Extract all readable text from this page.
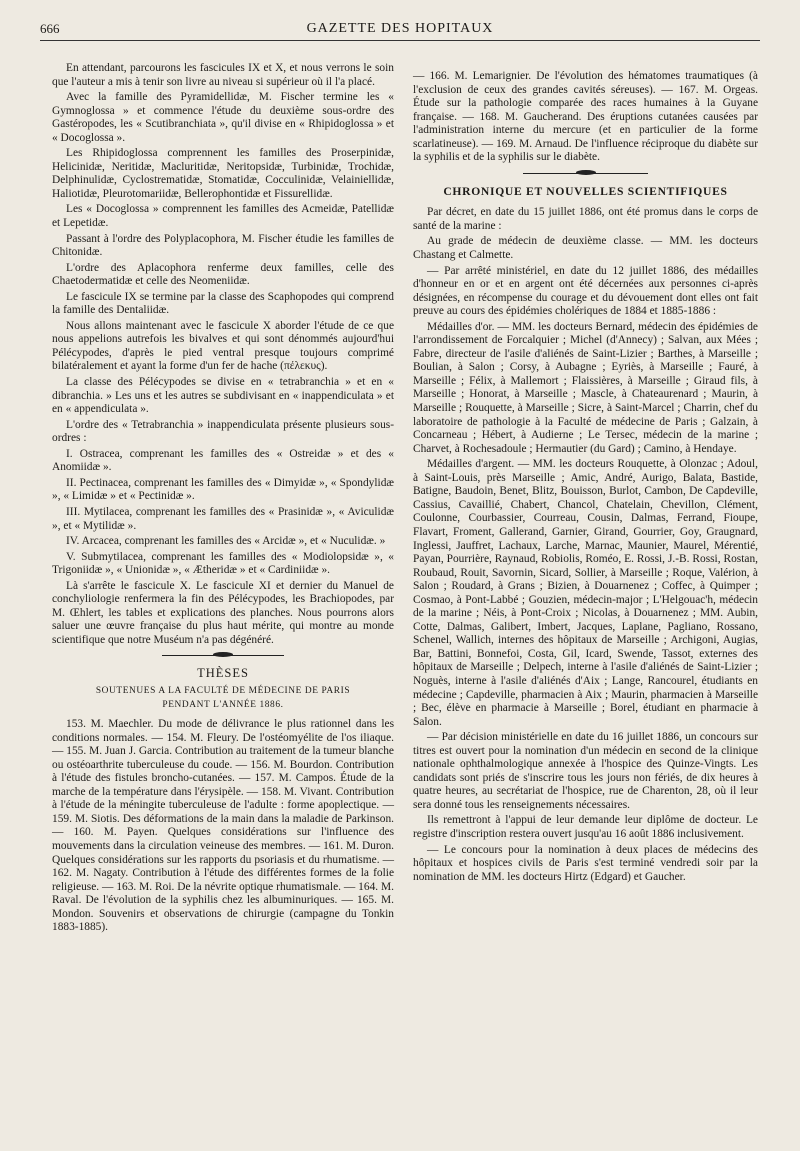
666	GAZETTE DES HOPITAUX

En attendant, parcourons les fascicules IX et X, et nous verrons le soin que l'auteur a mis à tenir son livre au niveau si supérieur où il l'a placé.

Avec la famille des Pyramidellidæ, M. Fischer termine les « Gymnoglossa » et commence l'étude du deuxième sous-ordre des Gastéropodes, les « Scutibranchiata », qu'il divise en « Rhipidoglossa » et « Docoglossa ».

Les Rhipidoglossa comprennent les familles des Proserpinidæ, Helicinidæ, Neritidæ, Macluritidæ, Neritopsidæ, Turbinidæ, Trochidæ, Delphinulidæ, Cyclostrematidæ, Stomatidæ, Cocculinidæ, Velainiellidæ, Haliotidæ, Pleurotomariidæ, Bellerophontidæ et Fissurellidæ.

Les « Docoglossa » comprennent les familles des Acmeidæ, Patellidæ et Lepetidæ.

Passant à l'ordre des Polyplacophora, M. Fischer étudie les familles de Chitonidæ.

L'ordre des Aplacophora renferme deux familles, celle des Chaetodermatidæ et celle des Neomeniidæ.

Le fascicule IX se termine par la classe des Scaphopodes qui comprend la famille des Dentaliidæ.

Nous allons maintenant avec le fascicule X aborder l'étude de ce que nous appelions autrefois les bivalves et qui sont dénommés aujourd'hui Pélécypodes, d'après le pied ventral presque toujours comprimé bilatéralement et ayant la forme d'un fer de hache (πέλεκυς).

La classe des Pélécypodes se divise en « tetrabranchia » et en « dibranchia. » Les uns et les autres se subdivisant en « inappendiculata » et en « appendiculata ».

L'ordre des « Tetrabranchia » inappendiculata présente plusieurs sous-ordres :

I. Ostracea, comprenant les familles des « Ostreidæ » et des « Anomiidæ ».

II. Pectinacea, comprenant les familles des « Dimyidæ », « Spondylidæ », « Limidæ » et « Pectinidæ ».

III. Mytilacea, comprenant les familles des « Prasinidæ », « Aviculidæ », et « Mytilidæ ».

IV. Arcacea, comprenant les familles des « Arcidæ », et « Nuculidæ. »

V. Submytilacea, comprenant les familles des « Modiolopsidæ », « Trigoniidæ », « Unionidæ », « Ætheridæ » et « Cardiniidæ ».

Là s'arrête le fascicule X. Le fascicule XI et dernier du Manuel de conchyliologie renfermera la fin des Pélécypodes, les Brachiopodes, par M. Œhlert, les tables et explications des planches. Nous pourrons alors saluer une œuvre française du plus haut mérite, qui montre au monde scientifique que notre Muséum n'a pas dégénéré.

THÈSES
SOUTENUES A LA FACULTÉ DE MÉDECINE DE PARIS
PENDANT L'ANNÉE 1886.

153. M. Maechler. Du mode de délivrance le plus rationnel dans les conditions normales. — 154. M. Fleury. De l'ostéomyélite de l'os iliaque. — 155. M. Juan J. Garcia. Contribution au traitement de la tumeur blanche ou ostéoarthrite tuberculeuse du coude. — 156. M. Bourdon. Contribution à l'étude des fistules broncho-cutanées. — 157. M. Campos. Étude de la marche de la température dans l'érysipèle. — 158. M. Vivant. Contribution à l'étude de la méningite tuberculeuse de l'adulte : forme apoplectique. — 159. M. Siotis. Des déformations de la main dans la maladie de Parkinson. — 160. M. Payen. Quelques considérations sur l'influence des mouvements dans la circulation veineuse des membres. — 161. M. Duron. Quelques considérations sur les rapports du psoriasis et du rhumatisme. — 162. M. Nagaty. Contribution à l'étude des différentes formes de la folie religieuse. — 163. M. Roi. De la névrite optique rhumatismale. — 164. M. Raval. De l'évolution de la syphilis chez les albuminuriques. — 165. M. Mondon. Souvenirs et observations de chirurgie (campagne du Tonkin 1883-1885).

— 166. M. Lemarignier. De l'évolution des hématomes traumatiques (à l'exclusion de ceux des grandes cavités séreuses). — 167. M. Orgeas. Étude sur la pathologie comparée des races humaines à la Guyane française. — 168. M. Gaucherand. Des éruptions cutanées causées par l'administration interne du mercure (et en particulier de la forme scarlatineuse). — 169. M. Arnaud. De l'influence réciproque du diabète sur la syphilis et de la syphilis sur le diabète.

CHRONIQUE ET NOUVELLES SCIENTIFIQUES

Par décret, en date du 15 juillet 1886, ont été promus dans le corps de santé de la marine :

Au grade de médecin de deuxième classe. — MM. les docteurs Chastang et Calmette.

— Par arrêté ministériel, en date du 12 juillet 1886, des médailles d'honneur en or et en argent ont été décernées aux personnes ci-après désignées, en récompense du courage et du dévouement dont elles ont fait preuve au cours des épidémies cholériques de 1884 et 1885-1886 :

Médailles d'or. — MM. les docteurs Bernard, médecin des épidémies de l'arrondissement de Forcalquier ; Michel (d'Annecy) ; Salvan, aux Mées ; Fabre, directeur de l'asile d'aliénés de Saint-Lizier ; Barthes, à Marseille ; Boulian, à Salon ; Corsy, à Aubagne ; Eyriès, à Marseille ; Fauré, à Marseille ; Félix, à Mallemort ; Flaissières, à Marseille ; Giraud fils, à Marseille ; Honorat, à Marseille ; Mascle, à Chateaurenard ; Maurin, à Marseille ; Rouquette, à Marseille ; Sicre, à Saint-Marcel ; Charrin, chef du laboratoire de pathologie à la Faculté de médecine de Paris ; Galzain, à Concarneau ; Hébert, à Audierne ; Le Tersec, médecin de la marine ; Charvet, à Rochesadoule ; Hermautier (du Gard) ; Camino, à Hendaye.

Médailles d'argent. — MM. les docteurs Rouquette, à Olonzac ; Adoul, à Saint-Louis, près Marseille ; Amic, André, Aurigo, Balata, Bastide, Batigne, Baudoin, Benet, Blitz, Bouisson, Burlot, Cambon, De Capdeville, Cassius, Cavaillié, Chabert, Chancol, Chatelain, Chevillon, Clément, Coulonne, Courbassier, Courreau, Cousin, Dalmas, Ferrand, Fioupe, Flavart, Froment, Gallerand, Garnier, Girand, Gourrier, Goy, Graugnard, Inglessi, Jauffret, Lachaux, Larche, Marnac, Maunier, Maurel, Mérentié, Payan, Pourrière, Raynaud, Robiolis, Roméo, E. Rossi, J.-B. Rossi, Rostan, Roubaud, Rouit, Savornin, Sicard, Sollier, à Marseille ; Roque, Valérion, à Salon ; Roudard, à Grans ; Bizien, à Douarnenez ; Coffec, à Quimper ; Cosmao, à Pont-Labbé ; Gouzien, médecin-major ; L'Helgouac'h, médecin de la marine ; Néis, à Pont-Croix ; Nicolas, à Douarnenez ; MM. Aubin, Cotte, Dalmas, Galibert, Imbert, Jacques, Laplane, Pagliano, Rossano, Schenel, Wallich, internes des hôpitaux de Marseille ; Archigoni, Augias, Bar, Battini, Bonnefoi, Costa, Gil, Icard, Swende, Tassot, externes des hôpitaux de Marseille ; Delpech, interne à l'asile d'aliénés de Saint-Lizier ; Noguès, interne à l'asile d'aliénés d'Aix ; Lange, Rancourel, étudiants en médecine ; Capdeville, pharmacien à Aix ; Maurin, pharmacien à Marseille ; Bec, élève en pharmacie à Marseille ; Borel, étudiant en pharmacie à Salon.

— Par décision ministérielle en date du 16 juillet 1886, un concours sur titres est ouvert pour la nomination d'un médecin en second de la clinique nationale ophthalmologique annexée à l'hospice des Quinze-Vingts. Les candidats sont priés de s'inscrire tous les jours non fériés, de dix heures à quatre heures, au secrétariat de l'hospice, rue de Charenton, 28, où il leur sera donné tous les renseignements nécessaires.

Ils remettront à l'appui de leur demande leur diplôme de docteur. Le registre d'inscription restera ouvert jusqu'au 16 août 1886 inclusivement.

— Le concours pour la nomination à deux places de médecins des hôpitaux et hospices civils de Paris s'est terminé vendredi soir par la nomination de MM. les docteurs Hirtz (Edgard) et Gaucher.
